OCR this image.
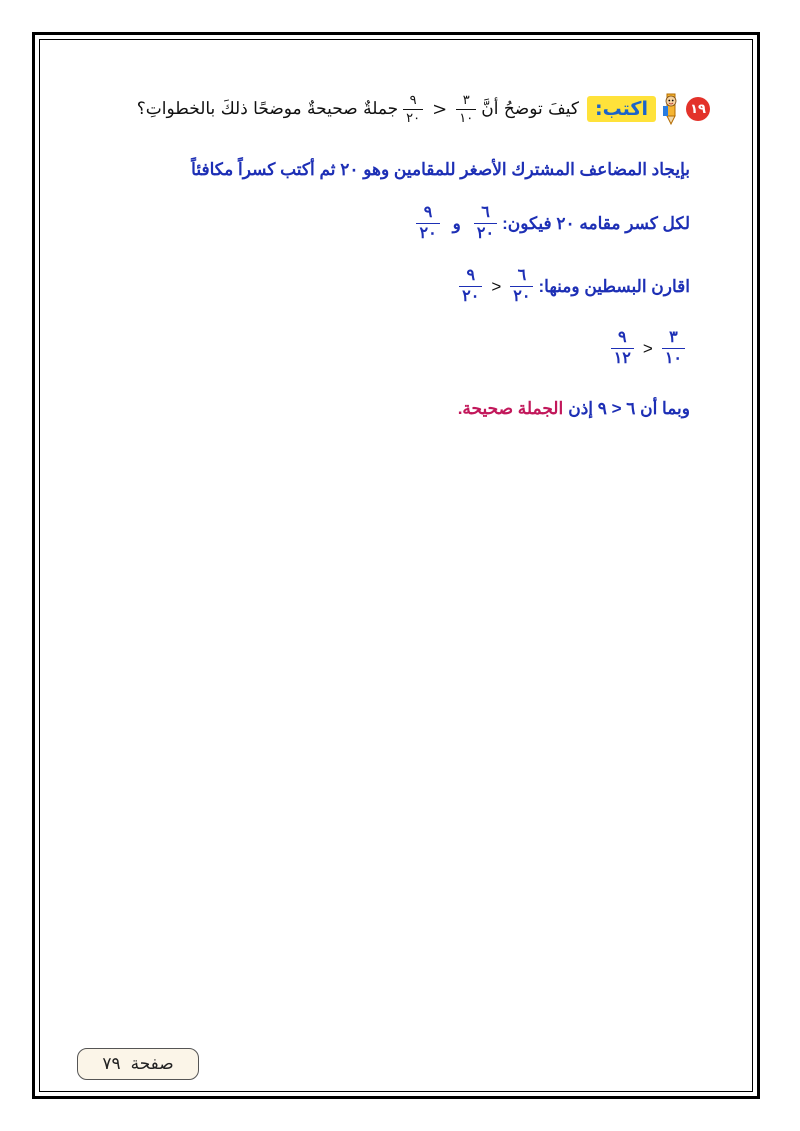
١٩
اكتب:
كيفَ توضحُ أنَّ
$\frac{٣}{١٠}$
<
$\frac{٩}{٢٠}$
جملةٌ صحيحةٌ موضحًا ذلكَ بالخطواتِ؟
بإيجاد المضاعف المشترك الأصغر للمقامين وهو ٢٠ ثم أكتب كسراً مكافئاً
لكل كسر مقامه ٢٠ فيكون:
$\frac{٦}{٢٠}$
و
$\frac{٩}{٢٠}$
اقارن البسطين ومنها:
$\frac{٦}{٢٠}$
<
$\frac{٩}{٢٠}$
$\frac{٣}{١٠}$
<
$\frac{٩}{١٢}$
وبما أن ٦ < ٩ إذن
الجملة صحيحة.
صفحة
٧٩
